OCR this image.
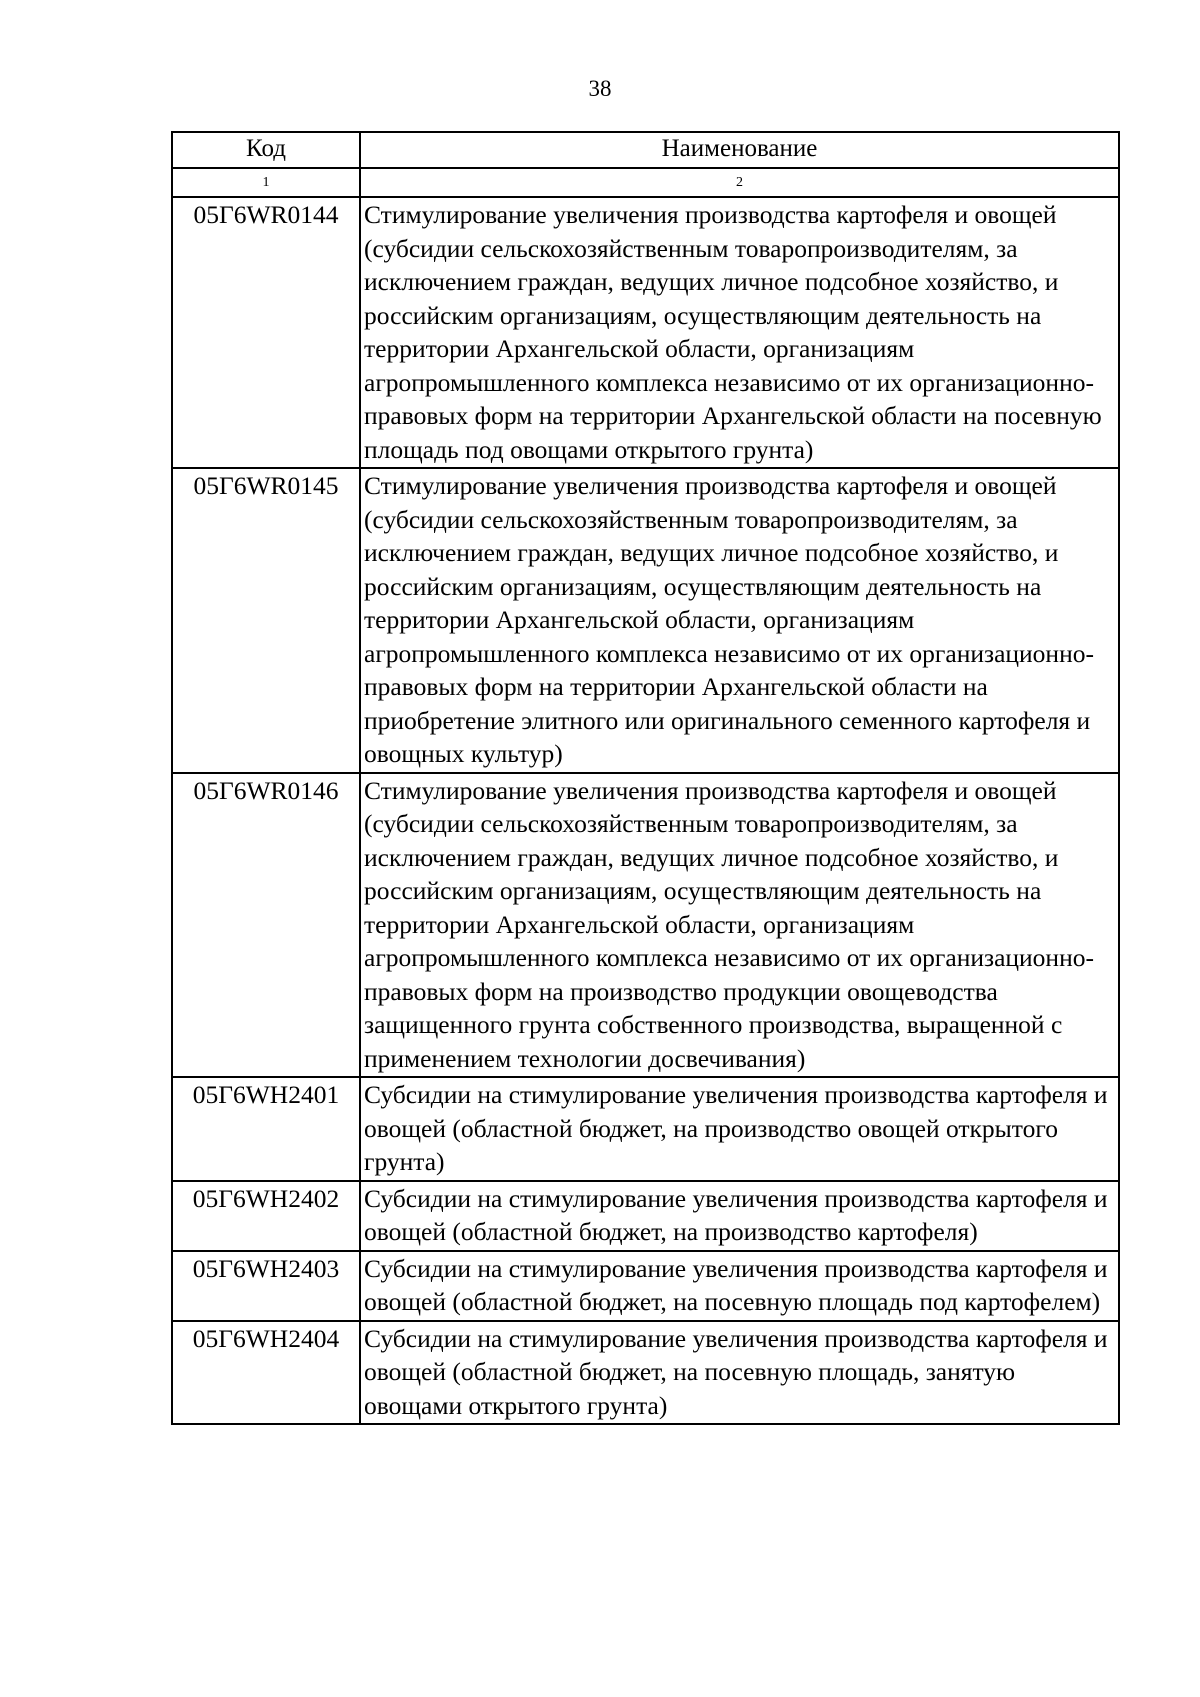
38
Код	Наименование
1	2
05Г6WR0144	Стимулирование увеличения производства картофеля и овощей (субсидии сельскохозяйственным товаропроизводителям, за исключением граждан, ведущих личное подсобное хозяйство, и российским организациям, осуществляющим деятельность на территории Архангельской области, организациям агропромышленного комплекса независимо от их организационно-правовых форм на территории Архангельской области на посевную площадь под овощами открытого грунта)
05Г6WR0145	Стимулирование увеличения производства картофеля и овощей (субсидии сельскохозяйственным товаропроизводителям, за исключением граждан, ведущих личное подсобное хозяйство, и российским организациям, осуществляющим деятельность на территории Архангельской области, организациям агропромышленного комплекса независимо от их организационно-правовых форм на территории Архангельской области на приобретение элитного или оригинального семенного картофеля и овощных культур)
05Г6WR0146	Стимулирование увеличения производства картофеля и овощей (субсидии сельскохозяйственным товаропроизводителям, за исключением граждан, ведущих личное подсобное хозяйство, и российским организациям, осуществляющим деятельность на территории Архангельской области, организациям агропромышленного комплекса независимо от их организационно-правовых форм на производство продукции овощеводства защищенного грунта собственного производства, выращенной с применением технологии досвечивания)
05Г6WH2401	Субсидии на стимулирование увеличения производства картофеля и овощей (областной бюджет, на производство овощей открытого грунта)
05Г6WH2402	Субсидии на стимулирование увеличения производства картофеля и овощей (областной бюджет, на производство картофеля)
05Г6WH2403	Субсидии на стимулирование увеличения производства картофеля и овощей (областной бюджет, на посевную площадь под картофелем)
05Г6WH2404	Субсидии на стимулирование увеличения производства картофеля и овощей (областной бюджет, на посевную площадь, занятую овощами открытого грунта)
